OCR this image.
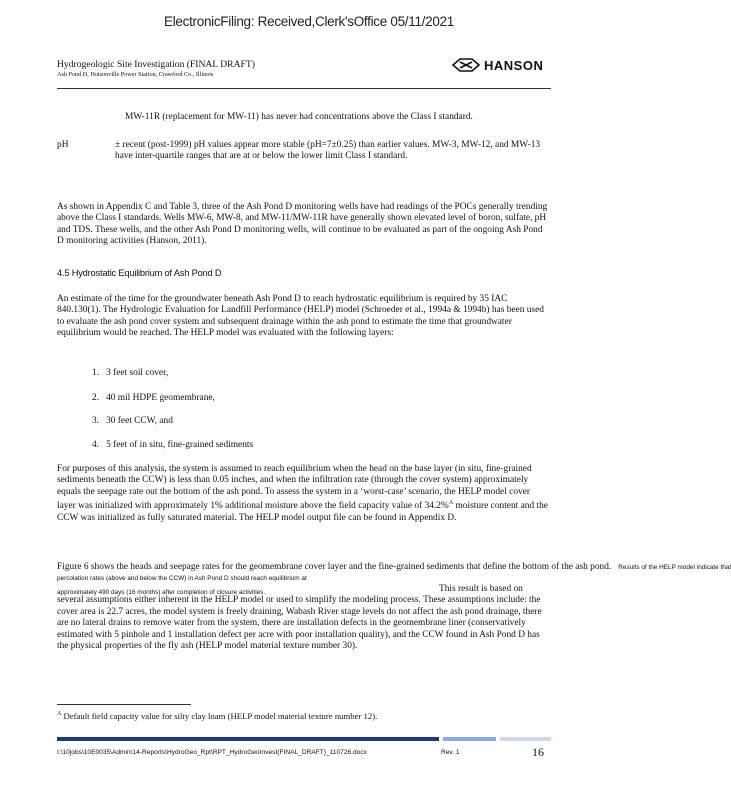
ElectronicFiling: Received,Clerk'sOffice 05/11/2021
Hydrogeologic Site Investigation (FINAL DRAFT)
Ash Pond D, Hutsonville Power Station, Crawford Co., Illinois
HANSON

MW-11R (replacement for MW-11) has never had concentrations above the Class I standard.

pH	± recent (post-1999) pH values appear more stable (pH=7±0.25) than earlier values. MW-3, MW-12, and MW-13 have inter-quartile ranges that are at or below the lower limit Class I standard.

As shown in Appendix C and Table 3, three of the Ash Pond D monitoring wells have had readings of the POCs generally trending above the Class I standards. Wells MW-6, MW-8, and MW-11/MW-11R have generally shown elevated level of boron, sulfate, pH and TDS. These wells, and the other Ash Pond D monitoring wells, will continue to be evaluated as part of the ongoing Ash Pond D monitoring activities (Hanson, 2011).

4.5 Hydrostatic Equilibrium of Ash Pond D

An estimate of the time for the groundwater beneath Ash Pond D to reach hydrostatic equilibrium is required by 35 IAC 840.130(1). The Hydrologic Evaluation for Landfill Performance (HELP) model (Schroeder et al., 1994a & 1994b) has been used to evaluate the ash pond cover system and subsequent drainage within the ash pond to estimate the time that groundwater equilibrium would be reached. The HELP model was evaluated with the following layers:

1. 3 feet soil cover,
2. 40 mil HDPE geomembrane,
3. 30 feet CCW, and
4. 5 feet of in situ, fine-grained sediments

For purposes of this analysis, the system is assumed to reach equilibrium when the head on the base layer (in situ, fine-grained sediments beneath the CCW) is less than 0.05 inches, and when the infiltration rate (through the cover system) approximately equals the seepage rate out the bottom of the ash pond. To assess the system in a ‘worst-case’ scenario, the HELP model cover layer was initialized with approximately 1% additional moisture above the field capacity value of 34.2%$^A$ moisture content and the CCW was initialized as fully saturated material. The HELP model output file can be found in Appendix D.

Figure 6 shows the heads and seepage rates for the geomembrane cover layer and the fine-grained sediments that define the bottom of the ash pond. Results of the HELP model indicate that
percolation rates (above and below the CCW) in Ash Pond D should reach equilibrium at
approximately 490 days (16 months) after completion of closure activities.	This result is based on
several assumptions either inherent in the HELP model or used to simplify the modeling process. These assumptions include: the cover area is 22.7 acres, the model system is freely draining, Wabash River stage levels do not affect the ash pond drainage, there are no lateral drains to remove water from the system, there are installation defects in the geomembrane liner (conservatively estimated with 5 pinhole and 1 installation defect per acre with poor installation quality), and the CCW found in Ash Pond D has the physical properties of the fly ash (HELP model material texture number 30).
$^A$ Default field capacity value for silty clay loam (HELP model material texture number 12).
I:\10jobs\10E0035\Admin\14-Reports\HydroGeo_Rpt\RPT_HydroGeoInvest(FINAL_DRAFT)_110726.docx	Rev. 1	16
